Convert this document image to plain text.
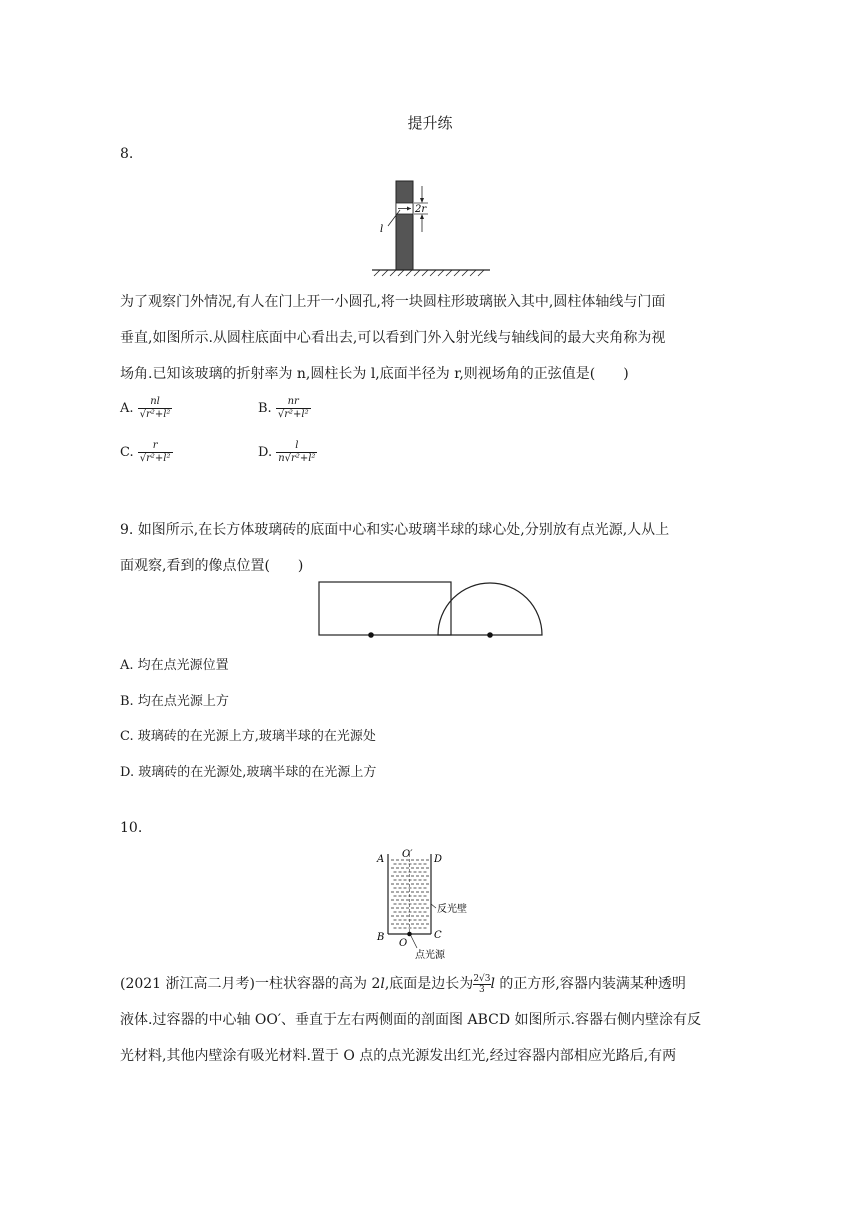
提升练
8.
l
2r
为了观察门外情况,有人在门上开一小圆孔,将一块圆柱形玻璃嵌入其中,圆柱体轴线与门面
垂直,如图所示.从圆柱底面中心看出去,可以看到门外入射光线与轴线间的最大夹角称为视
场角.已知该玻璃的折射率为 n,圆柱长为 l,底面半径为 r,则视场角的正弦值是(　　)
A. $\frac{nl}{\text{√r²+l²}}$	B. $\frac{nr}{\text{√r²+l²}}$
C. $\frac{r}{\text{√r²+l²}}$	D. $\frac{l}{\text{n√r²+l²}}$
9. 如图所示,在长方体玻璃砖的底面中心和实心玻璃半球的球心处,分别放有点光源,人从上
面观察,看到的像点位置(　　)
A. 均在点光源位置
B. 均在点光源上方
C. 玻璃砖的在光源上方,玻璃半球的在光源处
D. 玻璃砖的在光源处,玻璃半球的在光源上方
10.
A	D
O′
B	C
O
反光壁
点光源
(2021 浙江高二月考)一柱状容器的高为 2l,底面是边长为 $\frac{2√3}{3}$ l 的正方形,容器内装满某种透明
液体.过容器的中心轴 OO′、垂直于左右两侧面的剖面图 ABCD 如图所示.容器右侧内壁涂有反
光材料,其他内壁涂有吸光材料.置于 O 点的点光源发出红光,经过容器内部相应光路后,有两
